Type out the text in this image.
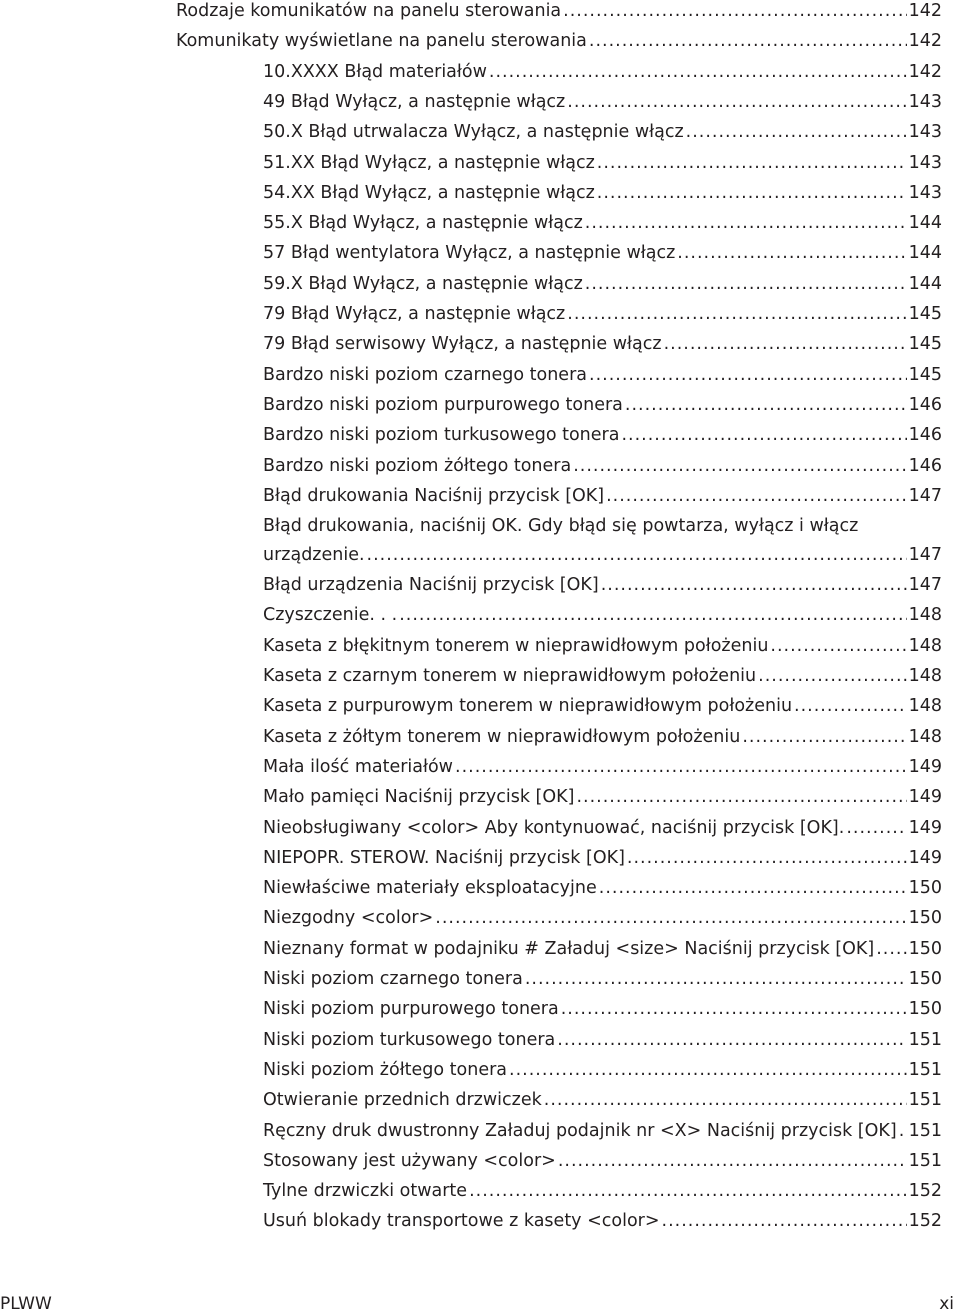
Rodzaje komunikatów na panelu sterowania .....	142
Komunikaty wyświetlane na panelu sterowania .....	142
10.XXXX Błąd materiałów .....	142
49 Błąd Wyłącz, a następnie włącz .....	143
50.X Błąd utrwalacza Wyłącz, a następnie włącz .....	143
51.XX Błąd Wyłącz, a następnie włącz .....	143
54.XX Błąd Wyłącz, a następnie włącz .....	143
55.X Błąd Wyłącz, a następnie włącz .....	144
57 Błąd wentylatora Wyłącz, a następnie włącz .....	144
59.X Błąd Wyłącz, a następnie włącz .....	144
79 Błąd Wyłącz, a następnie włącz .....	145
79 Błąd serwisowy Wyłącz, a następnie włącz .....	145
Bardzo niski poziom czarnego tonera .....	145
Bardzo niski poziom purpurowego tonera .....	146
Bardzo niski poziom turkusowego tonera .....	146
Bardzo niski poziom żółtego tonera .....	146
Błąd drukowania Naciśnij przycisk [OK] .....	147
Błąd drukowania, naciśnij OK. Gdy błąd się powtarza, wyłącz i włącz
urządzenie. .....	147
Błąd urządzenia Naciśnij przycisk [OK] .....	147
Czyszczenie. . . .....	148
Kaseta z błękitnym tonerem w nieprawidłowym położeniu .....	148
Kaseta z czarnym tonerem w nieprawidłowym położeniu .....	148
Kaseta z purpurowym tonerem w nieprawidłowym położeniu .....	148
Kaseta z żółtym tonerem w nieprawidłowym położeniu .....	148
Mała ilość materiałów .....	149
Mało pamięci Naciśnij przycisk [OK] .....	149
Nieobsługiwany <color> Aby kontynuować, naciśnij przycisk [OK]. .....	149
NIEPOPR. STEROW. Naciśnij przycisk [OK] .....	149
Niewłaściwe materiały eksploatacyjne .....	150
Niezgodny <color> .....	150
Nieznany format w podajniku # Załaduj <size> Naciśnij przycisk [OK] ..... 150
Niski poziom czarnego tonera .....	150
Niski poziom purpurowego tonera .....	150
Niski poziom turkusowego tonera .....	151
Niski poziom żółtego tonera .....	151
Otwieranie przednich drzwiczek .....	151
Ręczny druk dwustronny Załaduj podajnik nr <X> Naciśnij przycisk [OK] ..... 151
Stosowany jest używany <color> .....	151
Tylne drzwiczki otwarte .....	152
Usuń blokady transportowe z kasety <color> .....	152
PLWW	xi
